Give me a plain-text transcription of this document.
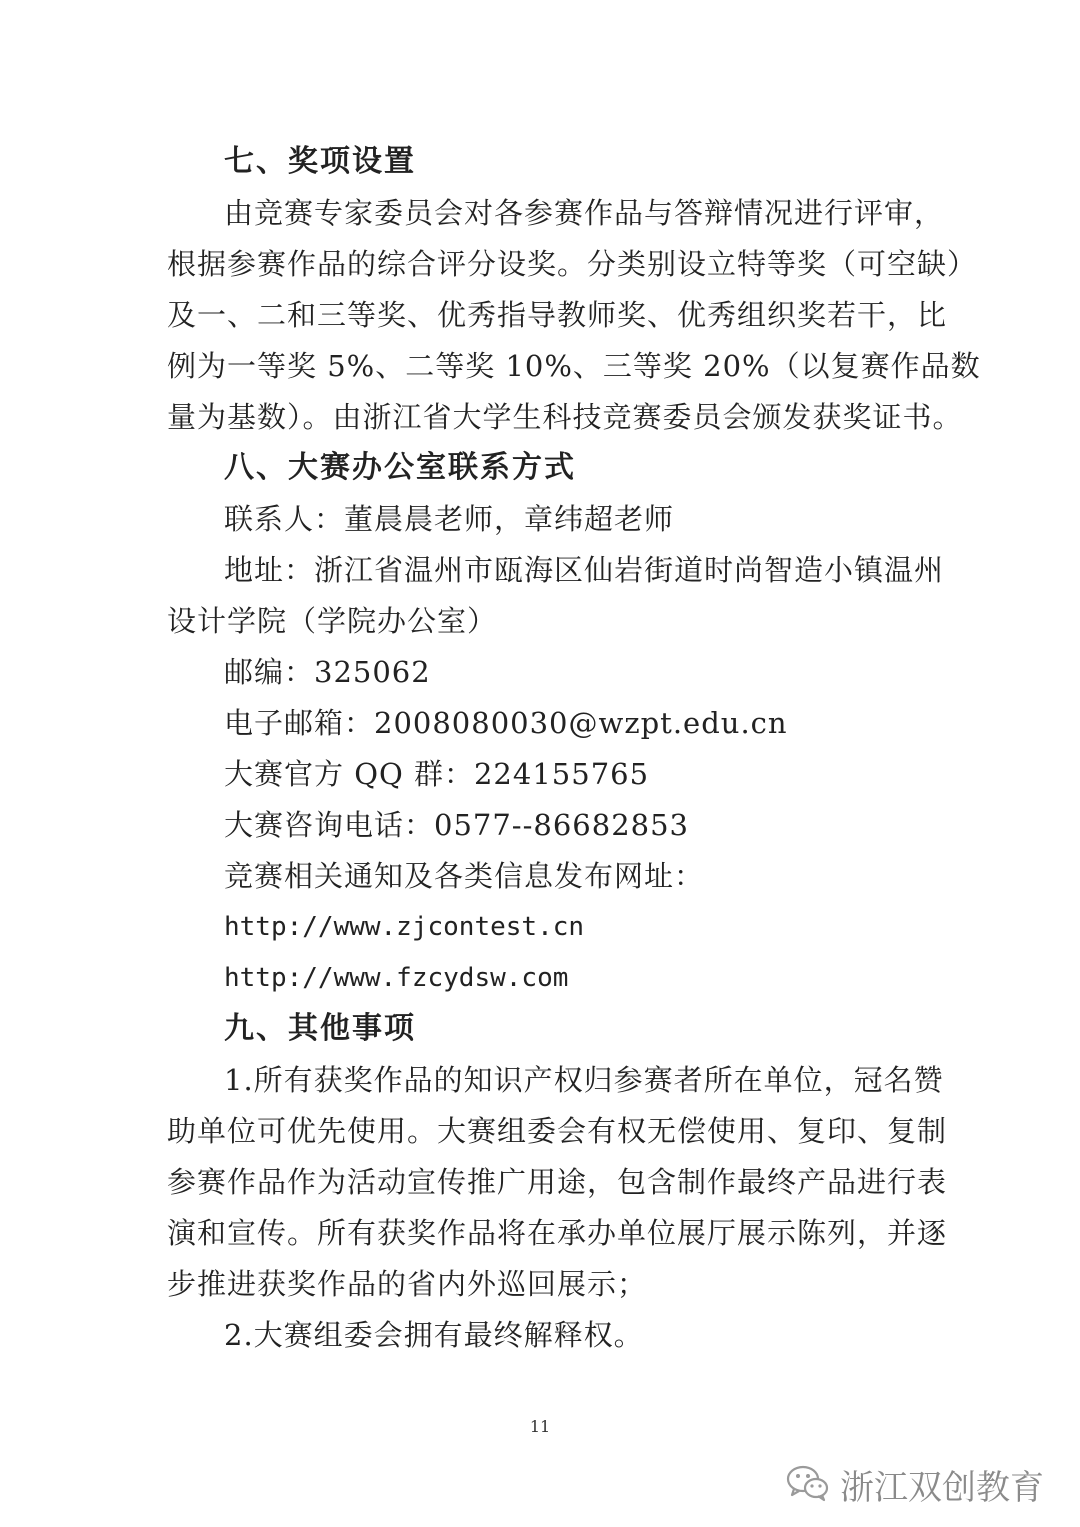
七、奖项设置
由竞赛专家委员会对各参赛作品与答辩情况进行评审，
根据参赛作品的综合评分设奖。分类别设立特等奖（可空缺）
及一、二和三等奖、优秀指导教师奖、优秀组织奖若干，比
例为一等奖 5%、二等奖 10%、三等奖 20%（以复赛作品数
量为基数）。由浙江省大学生科技竞赛委员会颁发获奖证书。
八、大赛办公室联系方式
联系人：董晨晨老师，章纬超老师
地址：浙江省温州市瓯海区仙岩街道时尚智造小镇温州
设计学院（学院办公室）
邮编：325062
电子邮箱：2008080030@wzpt.edu.cn
大赛官方 QQ 群：224155765
大赛咨询电话：0577--86682853
竞赛相关通知及各类信息发布网址：
http://www.zjcontest.cn
http://www.fzcydsw.com
九、其他事项
1.所有获奖作品的知识产权归参赛者所在单位，冠名赞
助单位可优先使用。大赛组委会有权无偿使用、复印、复制
参赛作品作为活动宣传推广用途，包含制作最终产品进行表
演和宣传。所有获奖作品将在承办单位展厅展示陈列，并逐
步推进获奖作品的省内外巡回展示；
2.大赛组委会拥有最终解释权。
11
浙江双创教育
